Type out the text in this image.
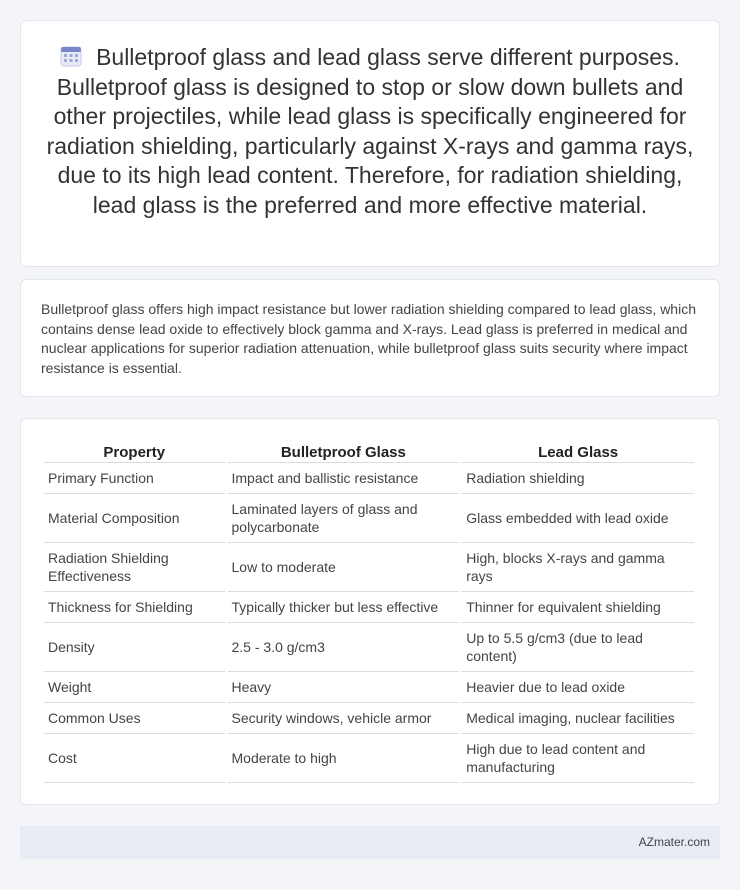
Bulletproof glass and lead glass serve different purposes. Bulletproof glass is designed to stop or slow down bullets and other projectiles, while lead glass is specifically engineered for radiation shielding, particularly against X-rays and gamma rays, due to its high lead content. Therefore, for radiation shielding, lead glass is the preferred and more effective material.

Bulletproof glass offers high impact resistance but lower radiation shielding compared to lead glass, which contains dense lead oxide to effectively block gamma and X-rays. Lead glass is preferred in medical and nuclear applications for superior radiation attenuation, while bulletproof glass suits security where impact resistance is essential.

Property	Bulletproof Glass	Lead Glass
Primary Function	Impact and ballistic resistance	Radiation shielding
Material Composition	Laminated layers of glass and polycarbonate	Glass embedded with lead oxide
Radiation Shielding Effectiveness	Low to moderate	High, blocks X-rays and gamma rays
Thickness for Shielding	Typically thicker but less effective	Thinner for equivalent shielding
Density	2.5 - 3.0 g/cm3	Up to 5.5 g/cm3 (due to lead content)
Weight	Heavy	Heavier due to lead oxide
Common Uses	Security windows, vehicle armor	Medical imaging, nuclear facilities
Cost	Moderate to high	High due to lead content and manufacturing
AZmater.com
